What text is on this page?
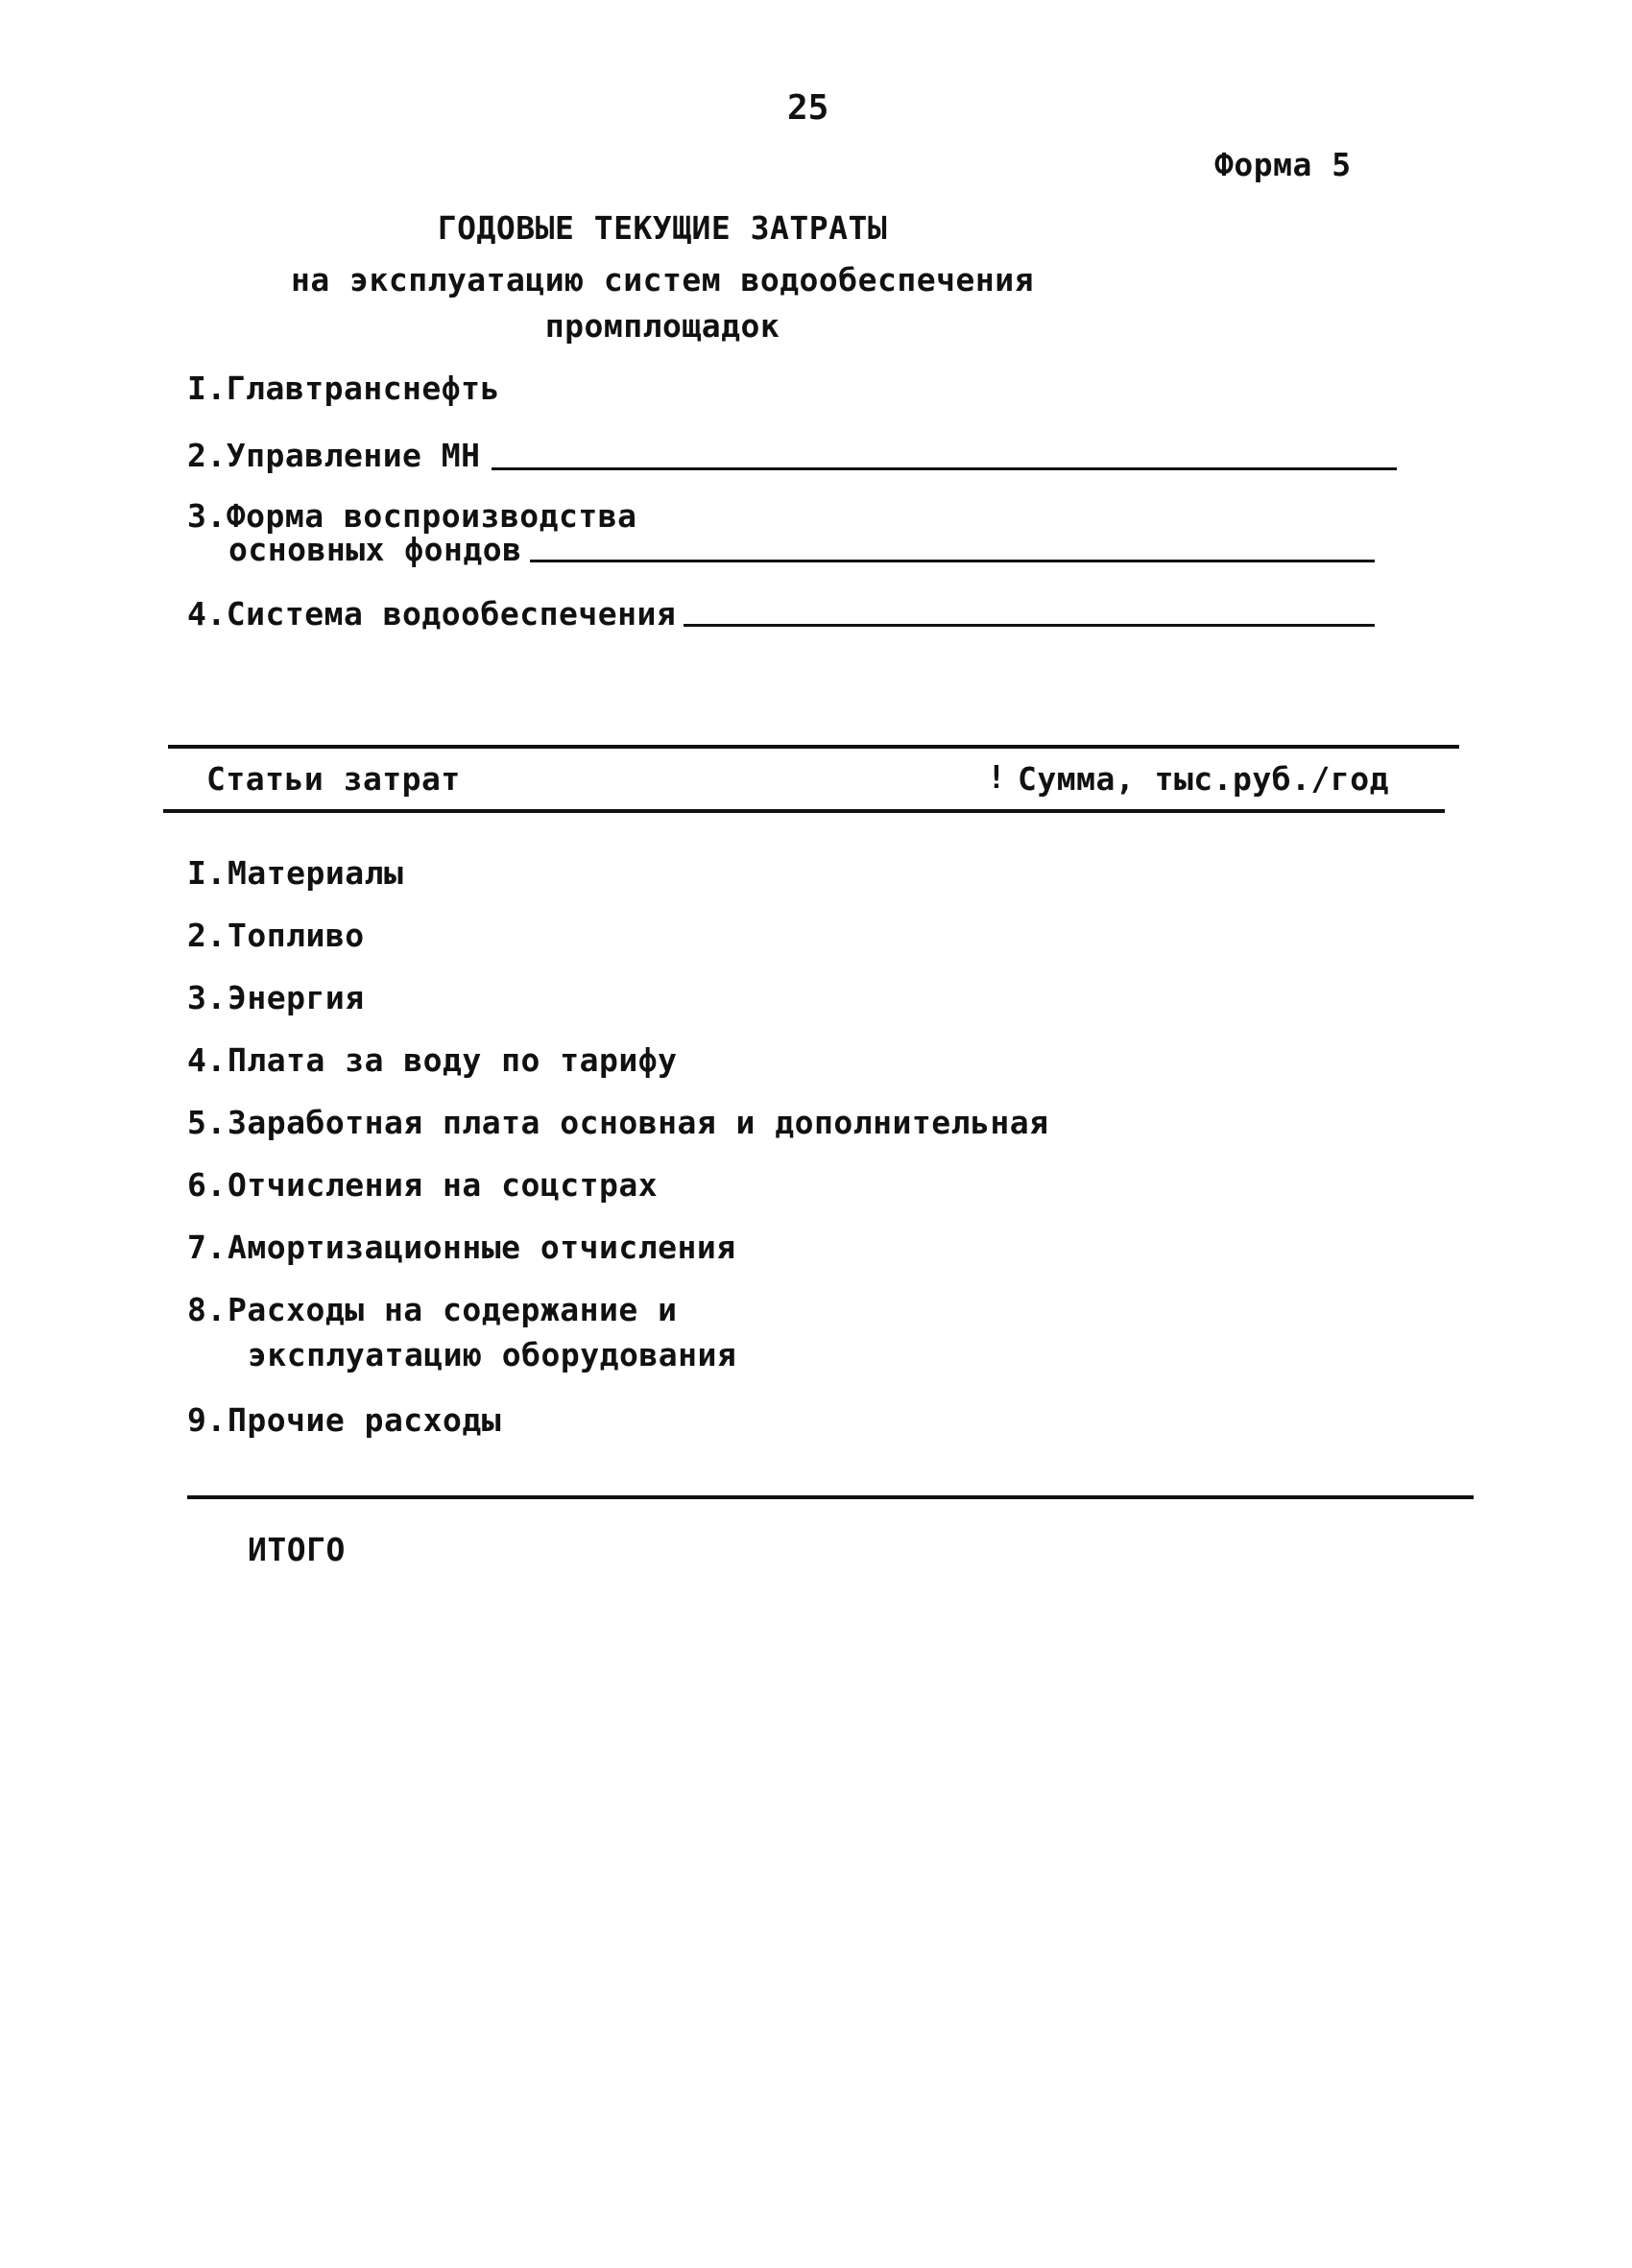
25
Форма 5
ГОДОВЫЕ ТЕКУЩИЕ ЗАТРАТЫ
на эксплуатацию систем водообеспечения
промплощадок
I.Главтранснефть
2.Управление МН
3.Форма воспроизводства
основных фондов
4.Система водообеспечения
Статьи затрат	! Сумма, тыс.руб./год
I.Материалы
2.Топливо
3.Энергия
4.Плата за воду по тарифу
5.Заработная плата основная и дополнительная
6.Отчисления на соцстрах
7.Амортизационные отчисления
8.Расходы на содержание и
эксплуатацию оборудования
9.Прочие расходы
ИТОГО
